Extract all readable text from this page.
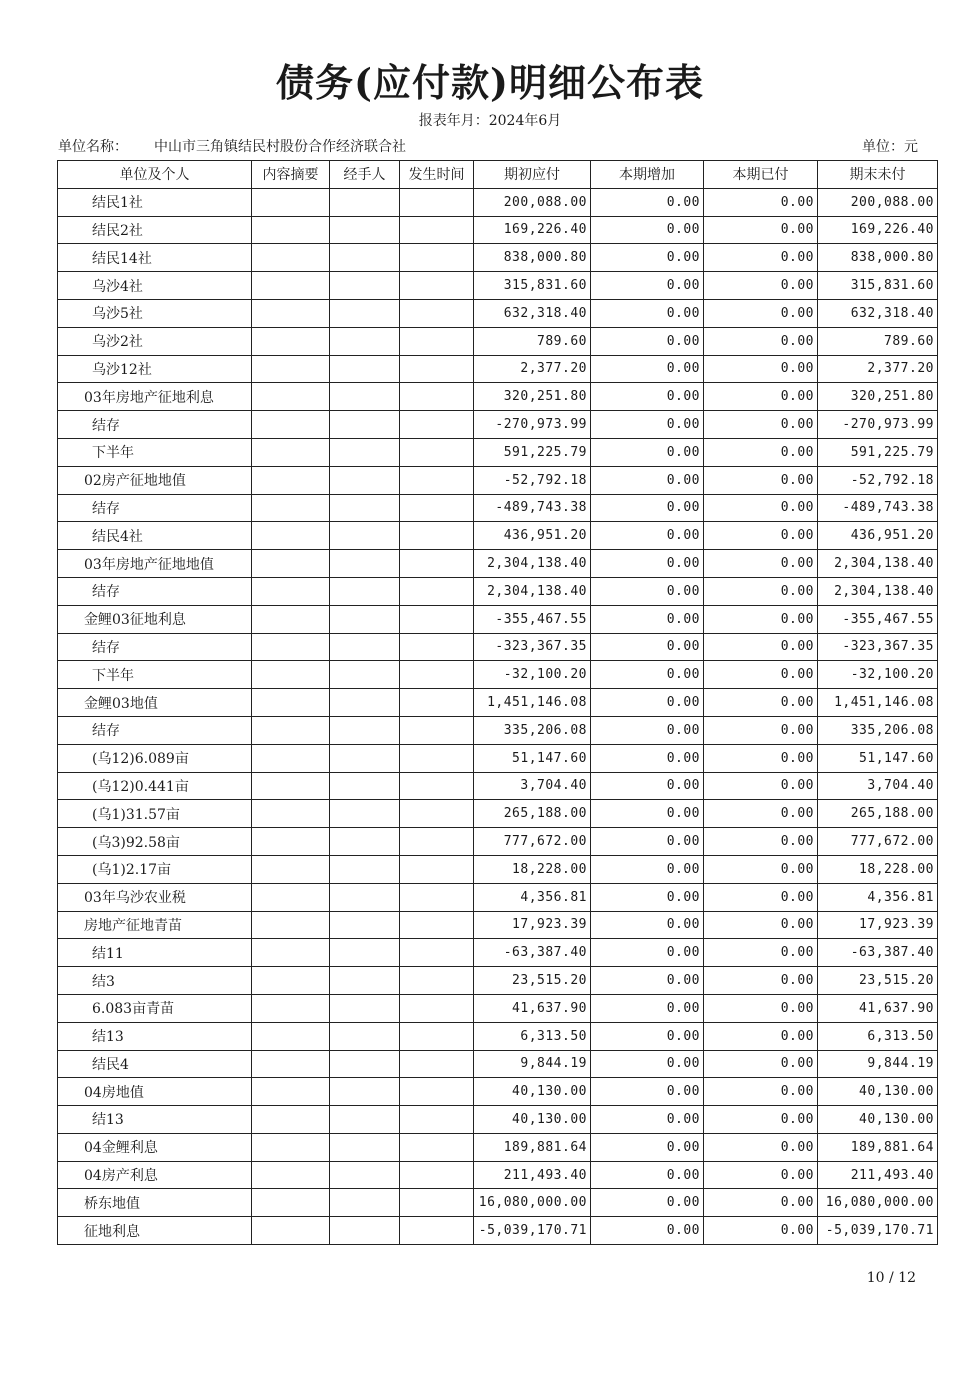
债务(应付款)明细公布表
报表年月：2024年6月
单位名称： 中山市三角镇结民村股份合作经济联合社	单位：元
单位及个人	内容摘要	经手人	发生时间	期初应付	本期增加	本期已付	期末未付
结民1社				200,088.00	0.00	0.00	200,088.00
结民2社				169,226.40	0.00	0.00	169,226.40
结民14社				838,000.80	0.00	0.00	838,000.80
乌沙4社				315,831.60	0.00	0.00	315,831.60
乌沙5社				632,318.40	0.00	0.00	632,318.40
乌沙2社				789.60	0.00	0.00	789.60
乌沙12社				2,377.20	0.00	0.00	2,377.20
03年房地产征地利息				320,251.80	0.00	0.00	320,251.80
结存				-270,973.99	0.00	0.00	-270,973.99
下半年				591,225.79	0.00	0.00	591,225.79
02房产征地地值				-52,792.18	0.00	0.00	-52,792.18
结存				-489,743.38	0.00	0.00	-489,743.38
结民4社				436,951.20	0.00	0.00	436,951.20
03年房地产征地地值				2,304,138.40	0.00	0.00	2,304,138.40
结存				2,304,138.40	0.00	0.00	2,304,138.40
金鲤03征地利息				-355,467.55	0.00	0.00	-355,467.55
结存				-323,367.35	0.00	0.00	-323,367.35
下半年				-32,100.20	0.00	0.00	-32,100.20
金鲤03地值				1,451,146.08	0.00	0.00	1,451,146.08
结存				335,206.08	0.00	0.00	335,206.08
(乌12)6.089亩				51,147.60	0.00	0.00	51,147.60
(乌12)0.441亩				3,704.40	0.00	0.00	3,704.40
(乌1)31.57亩				265,188.00	0.00	0.00	265,188.00
(乌3)92.58亩				777,672.00	0.00	0.00	777,672.00
(乌1)2.17亩				18,228.00	0.00	0.00	18,228.00
03年乌沙农业税				4,356.81	0.00	0.00	4,356.81
房地产征地青苗				17,923.39	0.00	0.00	17,923.39
结11				-63,387.40	0.00	0.00	-63,387.40
结3				23,515.20	0.00	0.00	23,515.20
6.083亩青苗				41,637.90	0.00	0.00	41,637.90
结13				6,313.50	0.00	0.00	6,313.50
结民4				9,844.19	0.00	0.00	9,844.19
04房地值				40,130.00	0.00	0.00	40,130.00
结13				40,130.00	0.00	0.00	40,130.00
04金鲤利息				189,881.64	0.00	0.00	189,881.64
04房产利息				211,493.40	0.00	0.00	211,493.40
桥东地值				16,080,000.00	0.00	0.00	16,080,000.00
征地利息				-5,039,170.71	0.00	0.00	-5,039,170.71
10 / 12
